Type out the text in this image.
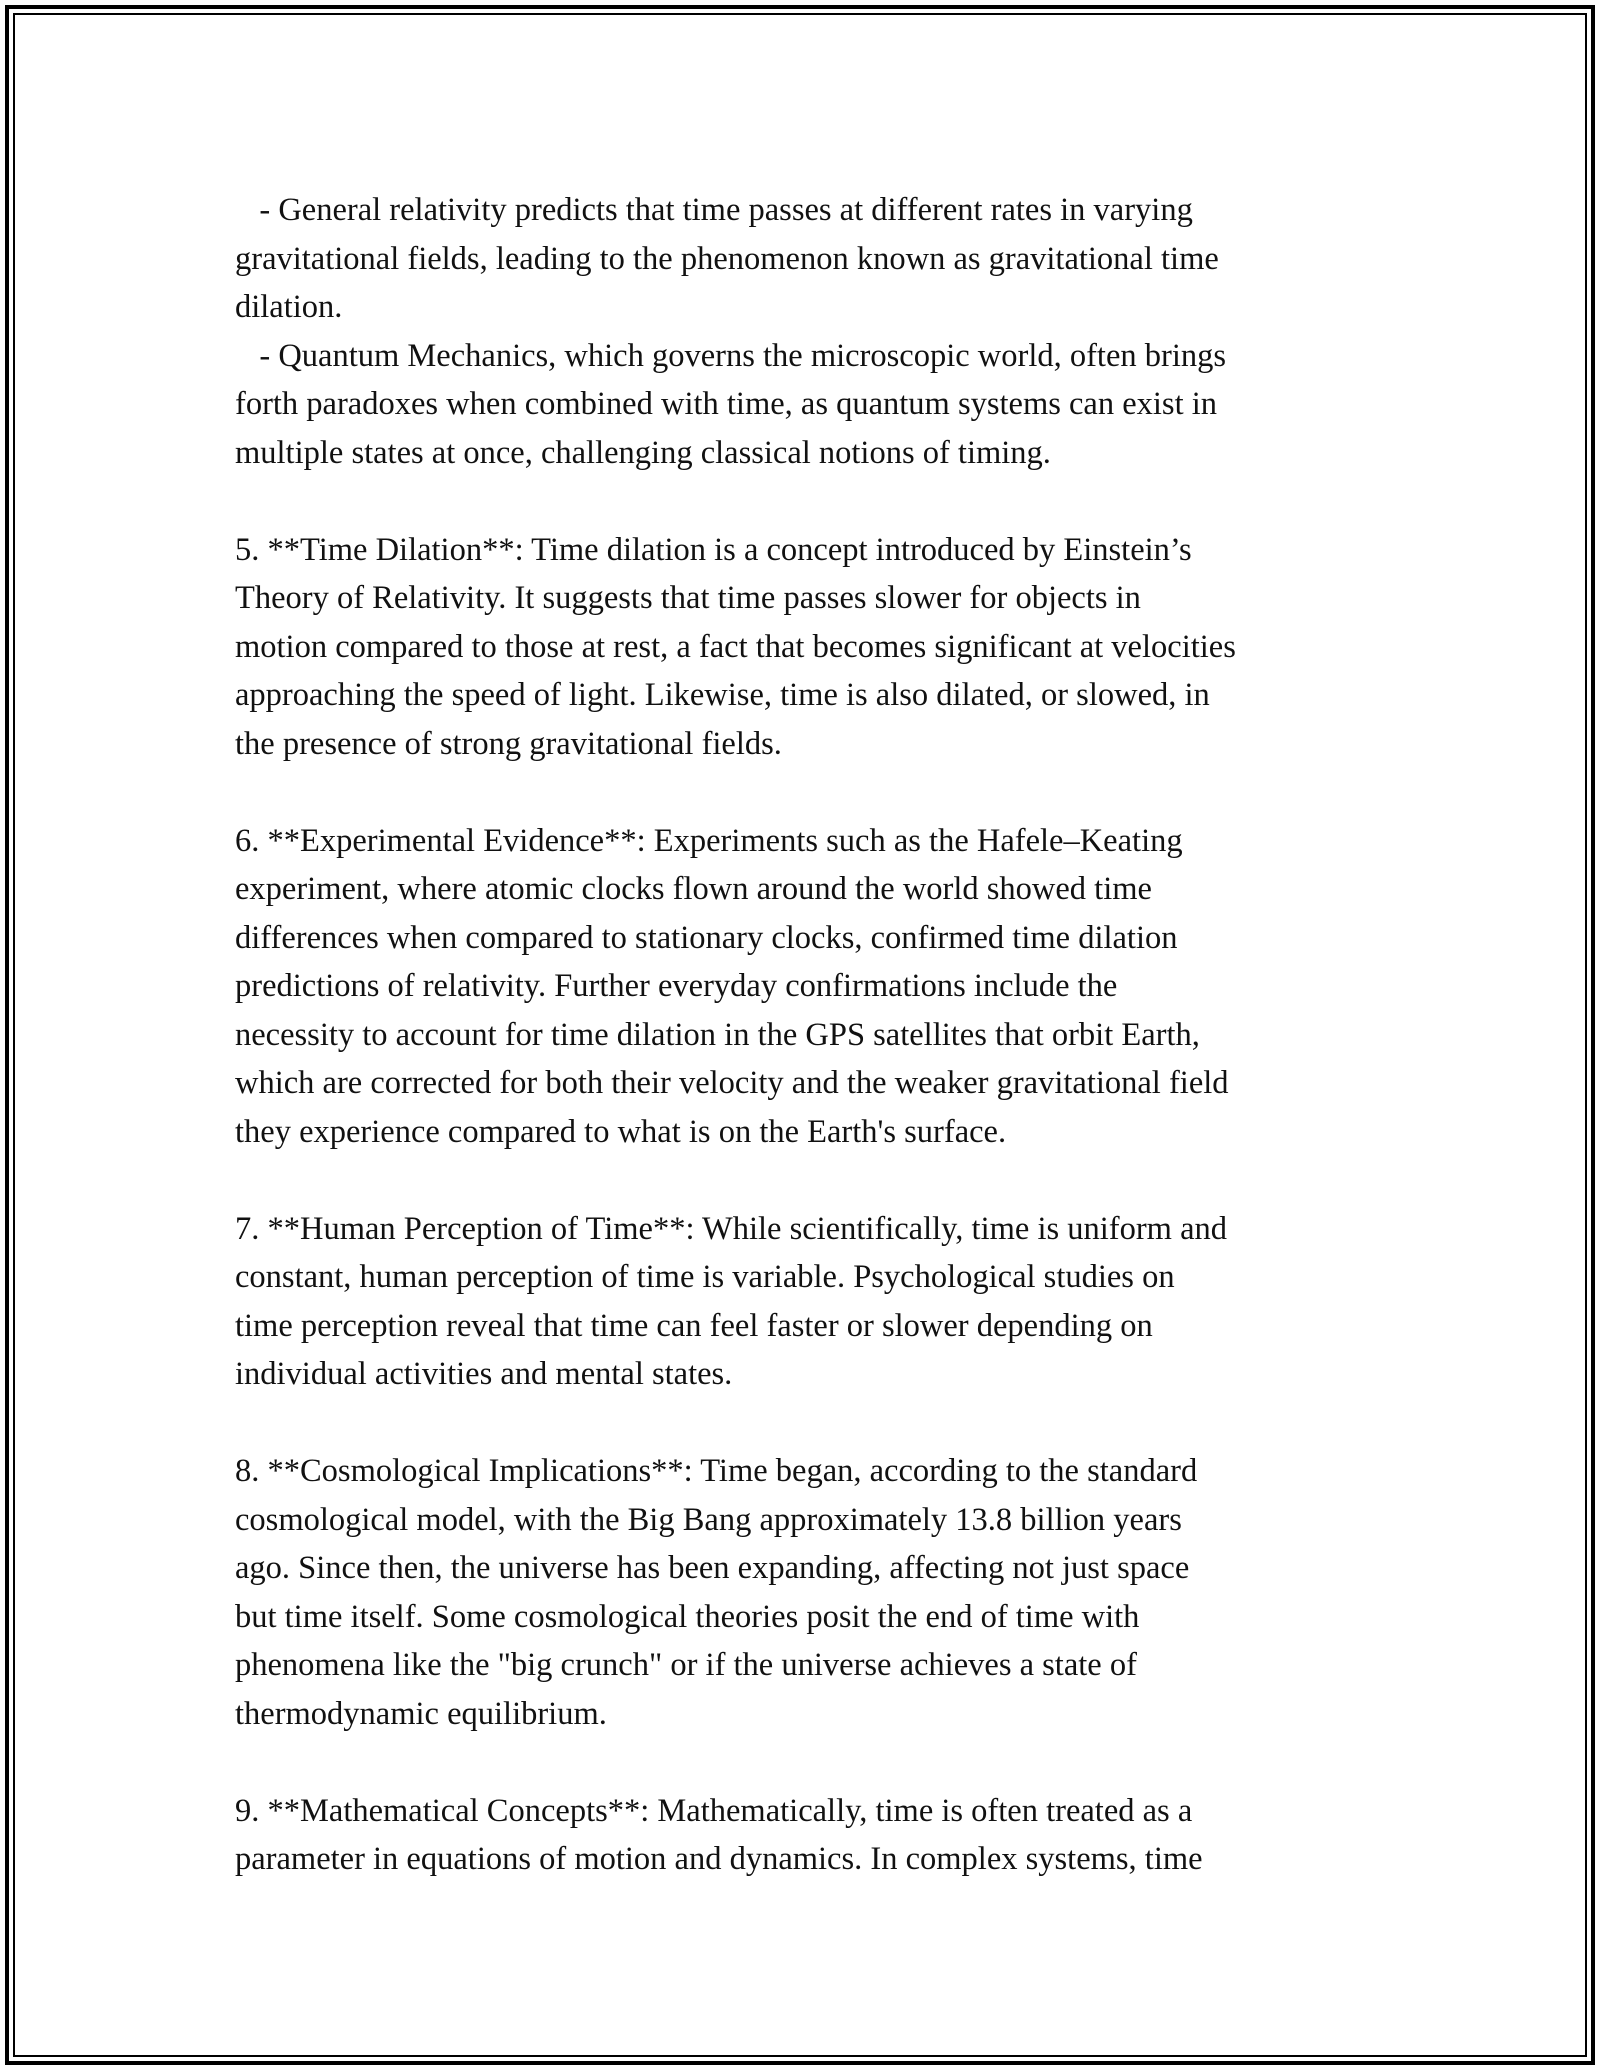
- General relativity predicts that time passes at different rates in varying
gravitational fields, leading to the phenomenon known as gravitational time
dilation.
- Quantum Mechanics, which governs the microscopic world, often brings
forth paradoxes when combined with time, as quantum systems can exist in
multiple states at once, challenging classical notions of timing.
5. **Time Dilation**: Time dilation is a concept introduced by Einstein’s
Theory of Relativity. It suggests that time passes slower for objects in
motion compared to those at rest, a fact that becomes significant at velocities
approaching the speed of light. Likewise, time is also dilated, or slowed, in
the presence of strong gravitational fields.
6. **Experimental Evidence**: Experiments such as the Hafele–Keating
experiment, where atomic clocks flown around the world showed time
differences when compared to stationary clocks, confirmed time dilation
predictions of relativity. Further everyday confirmations include the
necessity to account for time dilation in the GPS satellites that orbit Earth,
which are corrected for both their velocity and the weaker gravitational field
they experience compared to what is on the Earth's surface.
7. **Human Perception of Time**: While scientifically, time is uniform and
constant, human perception of time is variable. Psychological studies on
time perception reveal that time can feel faster or slower depending on
individual activities and mental states.
8. **Cosmological Implications**: Time began, according to the standard
cosmological model, with the Big Bang approximately 13.8 billion years
ago. Since then, the universe has been expanding, affecting not just space
but time itself. Some cosmological theories posit the end of time with
phenomena like the "big crunch" or if the universe achieves a state of
thermodynamic equilibrium.
9. **Mathematical Concepts**: Mathematically, time is often treated as a
parameter in equations of motion and dynamics. In complex systems, time
